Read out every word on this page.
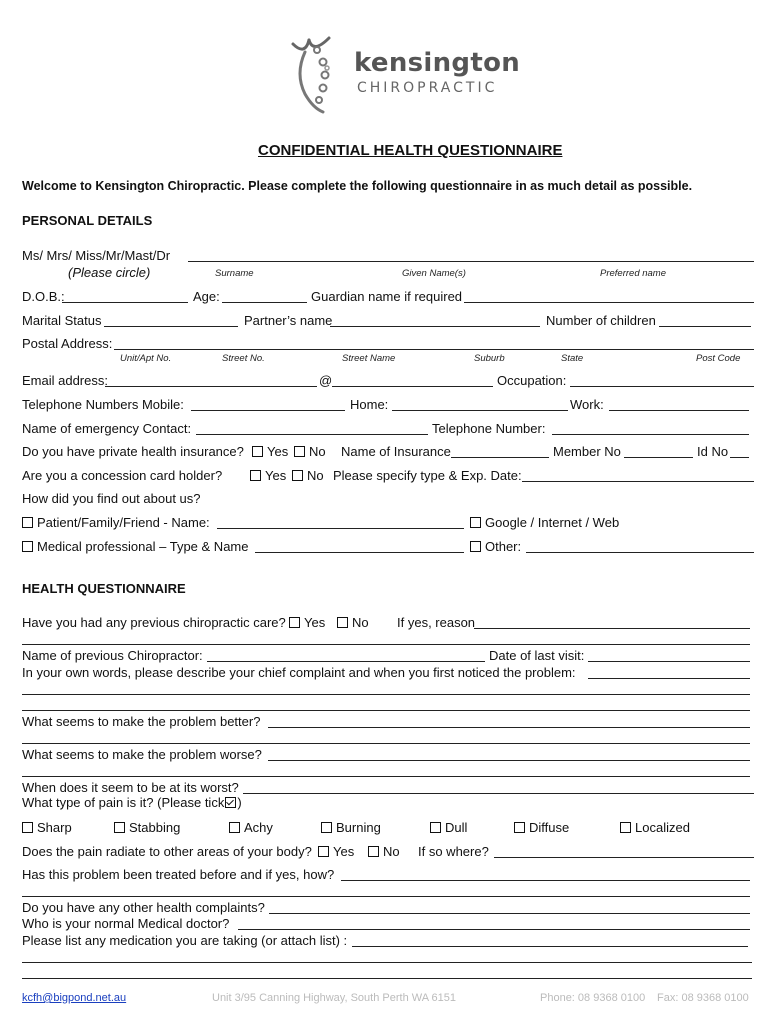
kensington
CHIROPRACTIC
CONFIDENTIAL HEALTH QUESTIONNAIRE
Welcome to Kensington Chiropractic. Please complete the following questionnaire in as much detail as possible.
PERSONAL DETAILS
Ms/ Mrs/ Miss/Mr/Mast/Dr
(Please circle)	Surname	Given Name(s)	Preferred name
D.O.B.:	Age:	Guardian name if required
Marital Status	Partner’s name	Number of children
Postal Address:
Unit/Apt No.	Street No.	Street Name	Suburb	State	Post Code
Email address:	@	Occupation:
Telephone Numbers Mobile:	Home:	Work:
Name of emergency Contact:	Telephone Number:
Do you have private health insurance?	Yes	No Name of Insurance	Member No	Id No
Are you a concession card holder?	Yes	No Please specify type & Exp. Date:
How did you find out about us?
Patient/Family/Friend - Name:	Google / Internet / Web
Medical professional – Type & Name	Other:
HEALTH QUESTIONNAIRE
Have you had any previous chiropractic care?	Yes	No If yes, reason
Name of previous Chiropractor:	Date of last visit:
In your own words, please describe your chief complaint and when you first noticed the problem:
What seems to make the problem better?
What seems to make the problem worse?
When does it seem to be at its worst?
What type of pain is it? (Please tick )
Sharp	Stabbing	Achy	Burning	Dull	Diffuse	Localized
Does the pain radiate to other areas of your body?	Yes	No If so where?
Has this problem been treated before and if yes, how?
Do you have any other health complaints?
Who is your normal Medical doctor?
Please list any medication you are taking (or attach list) :
kcfh@bigpond.net.au	Unit 3/95 Canning Highway, South Perth WA 6151	Phone: 08 9368 0100 Fax: 08 9368 0100
